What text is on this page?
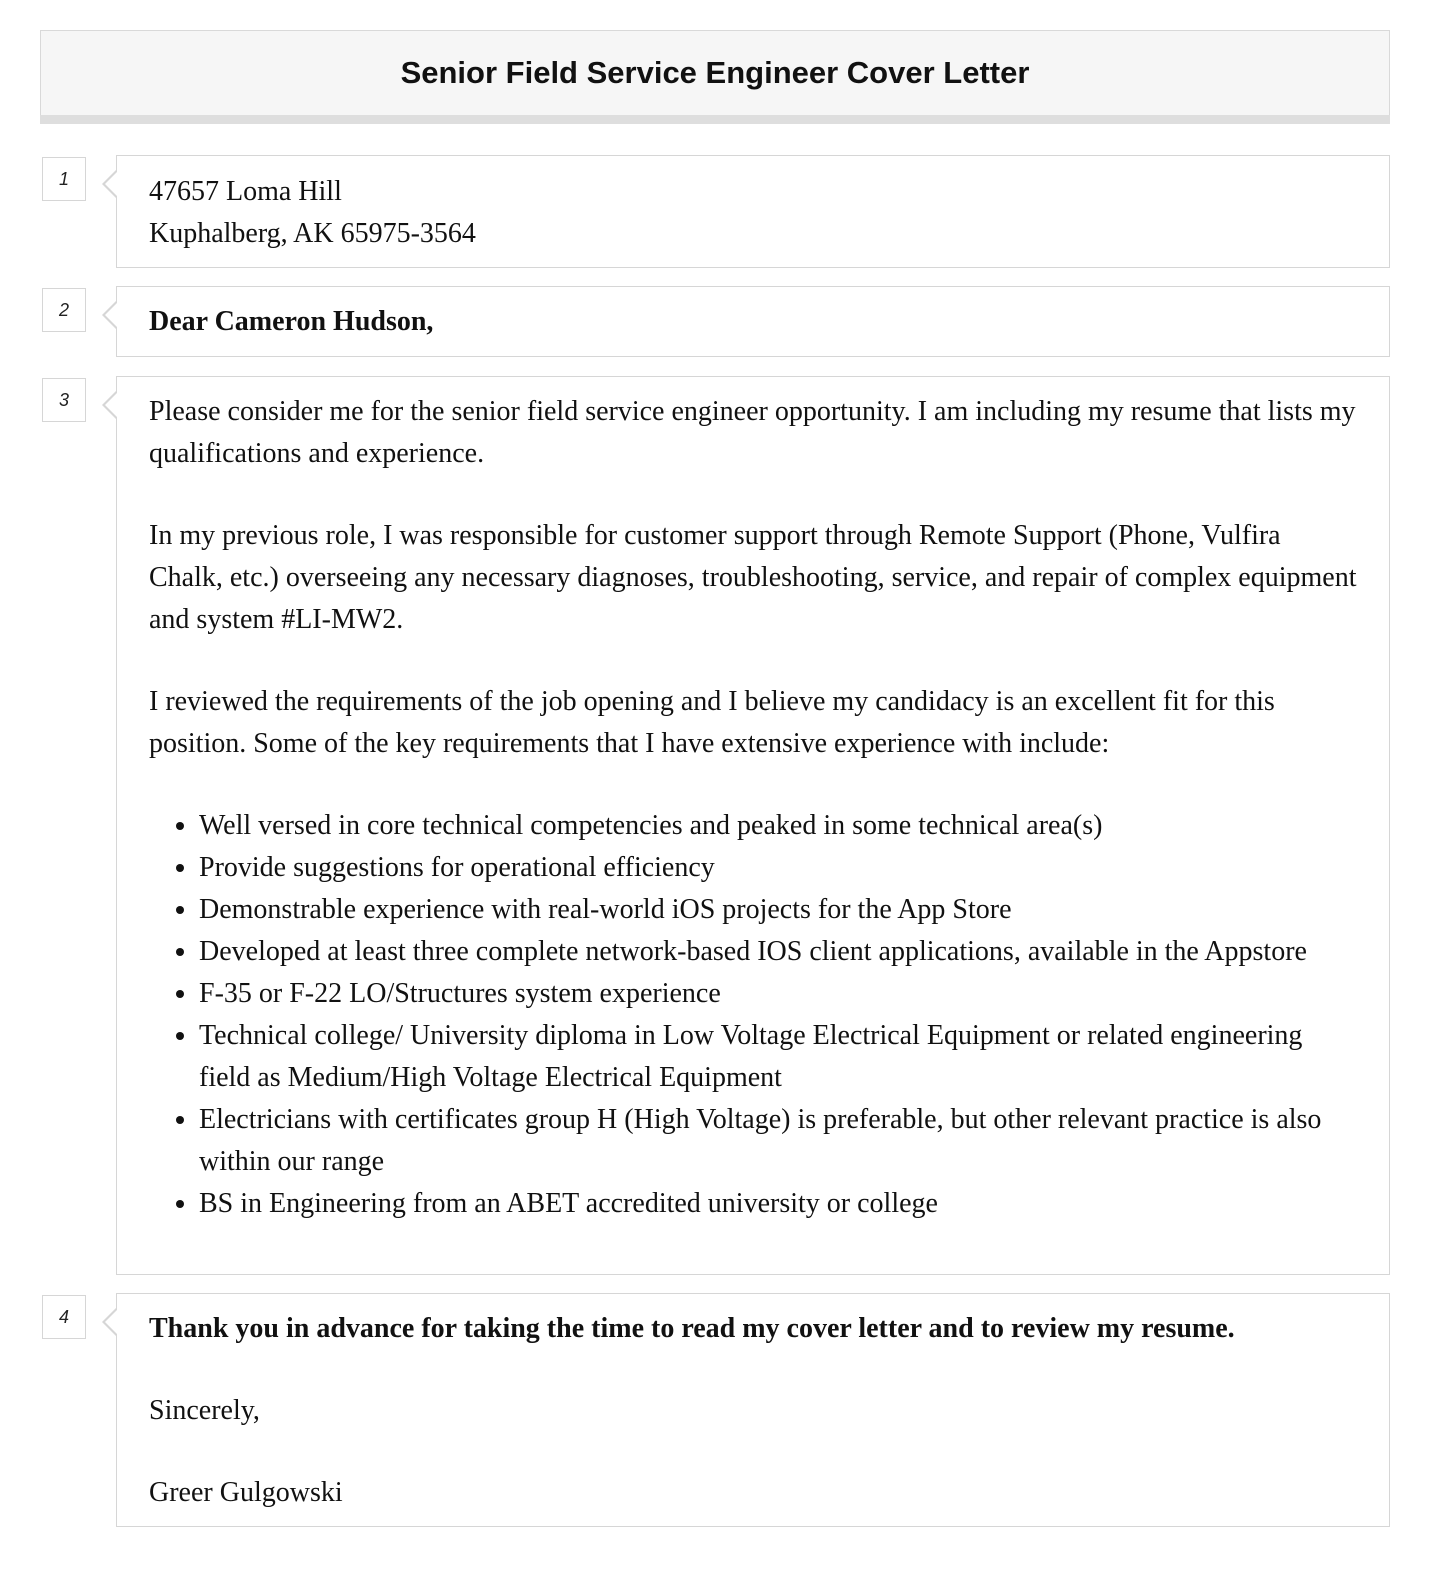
Senior Field Service Engineer Cover Letter
1	47657 Loma Hill

Kuphalberg, AK 65975-3564

2	Dear Cameron Hudson,

3	Please consider me for the senior field service engineer opportunity. I am including my resume that lists my qualifications and experience.

In my previous role, I was responsible for customer support through Remote Support (Phone, Vulfira Chalk, etc.) overseeing any necessary diagnoses, troubleshooting, service, and repair of complex equipment and system #LI-MW2.

I reviewed the requirements of the job opening and I believe my candidacy is an excellent fit for this position. Some of the key requirements that I have extensive experience with include:

• Well versed in core technical competencies and peaked in some technical area(s)
• Provide suggestions for operational efficiency
• Demonstrable experience with real-world iOS projects for the App Store
• Developed at least three complete network-based IOS client applications, available in the Appstore
• F-35 or F-22 LO/Structures system experience
• Technical college/ University diploma in Low Voltage Electrical Equipment or related engineering field as Medium/High Voltage Electrical Equipment
• Electricians with certificates group H (High Voltage) is preferable, but other relevant practice is also within our range
• BS in Engineering from an ABET accredited university or college
4	Thank you in advance for taking the time to read my cover letter and to review my resume.

Sincerely,

Greer Gulgowski
